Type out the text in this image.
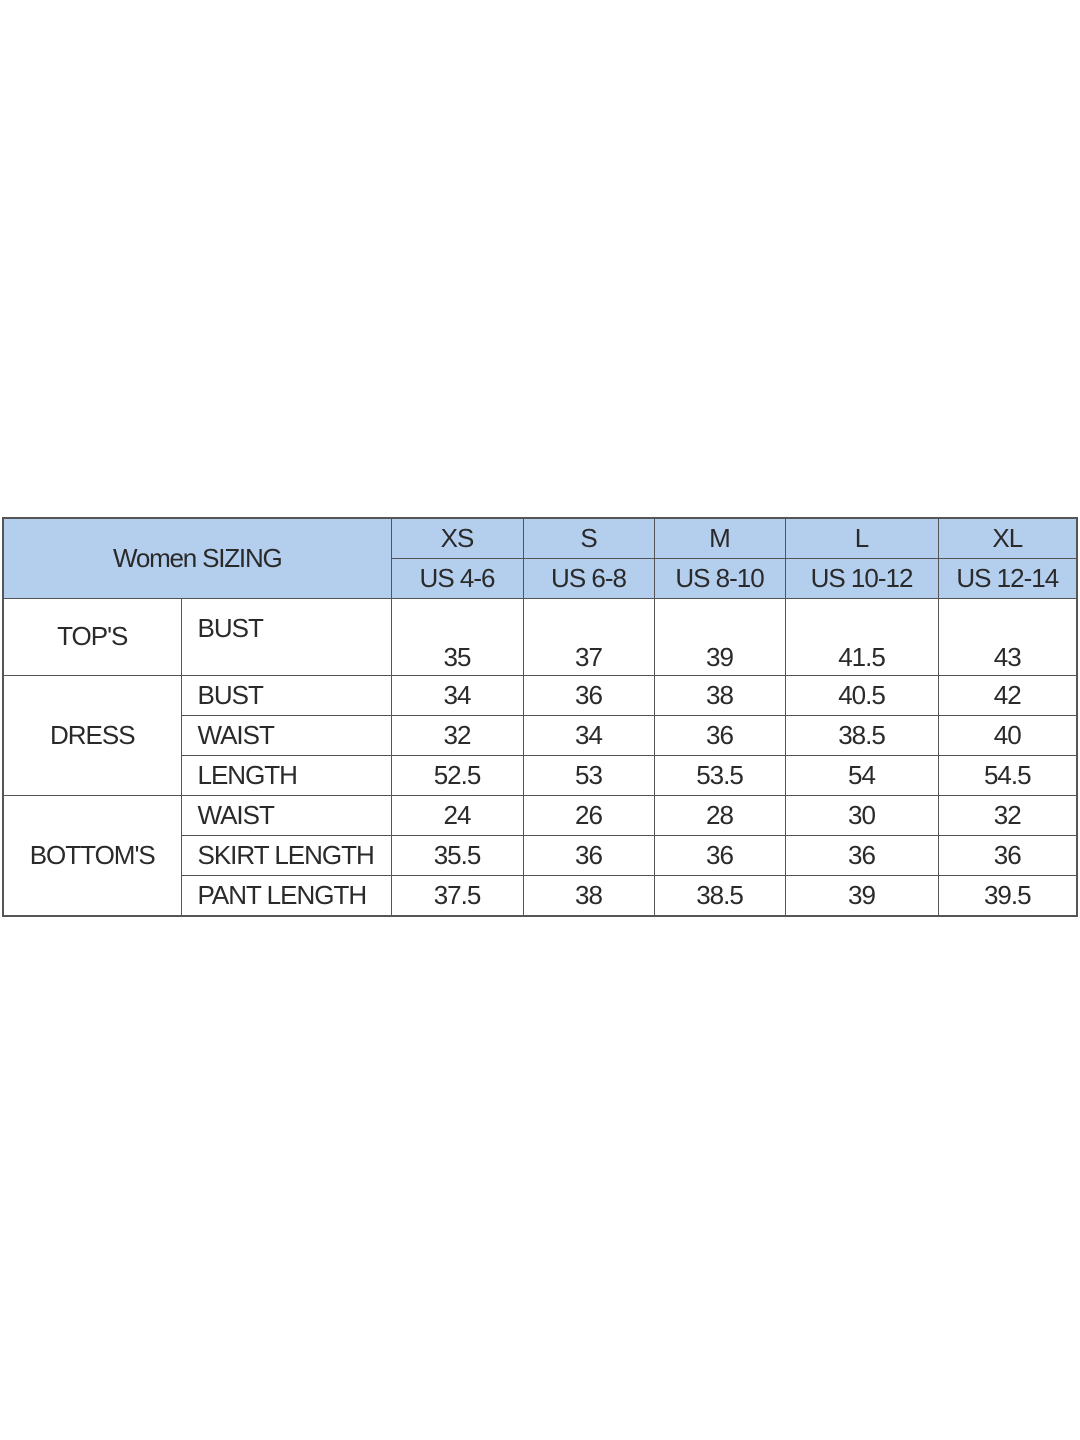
Women SIZING		XS	S	M	L	XL
		US 4-6	US 6-8	US 8-10	US 10-12	US 12-14
TOP'S	BUST	35	37	39	41.5	43
DRESS	BUST	34	36	38	40.5	42
	WAIST	32	34	36	38.5	40
	LENGTH	52.5	53	53.5	54	54.5
BOTTOM'S	WAIST	24	26	28	30	32
	SKIRT LENGTH	35.5	36	36	36	36
	PANT LENGTH	37.5	38	38.5	39	39.5
